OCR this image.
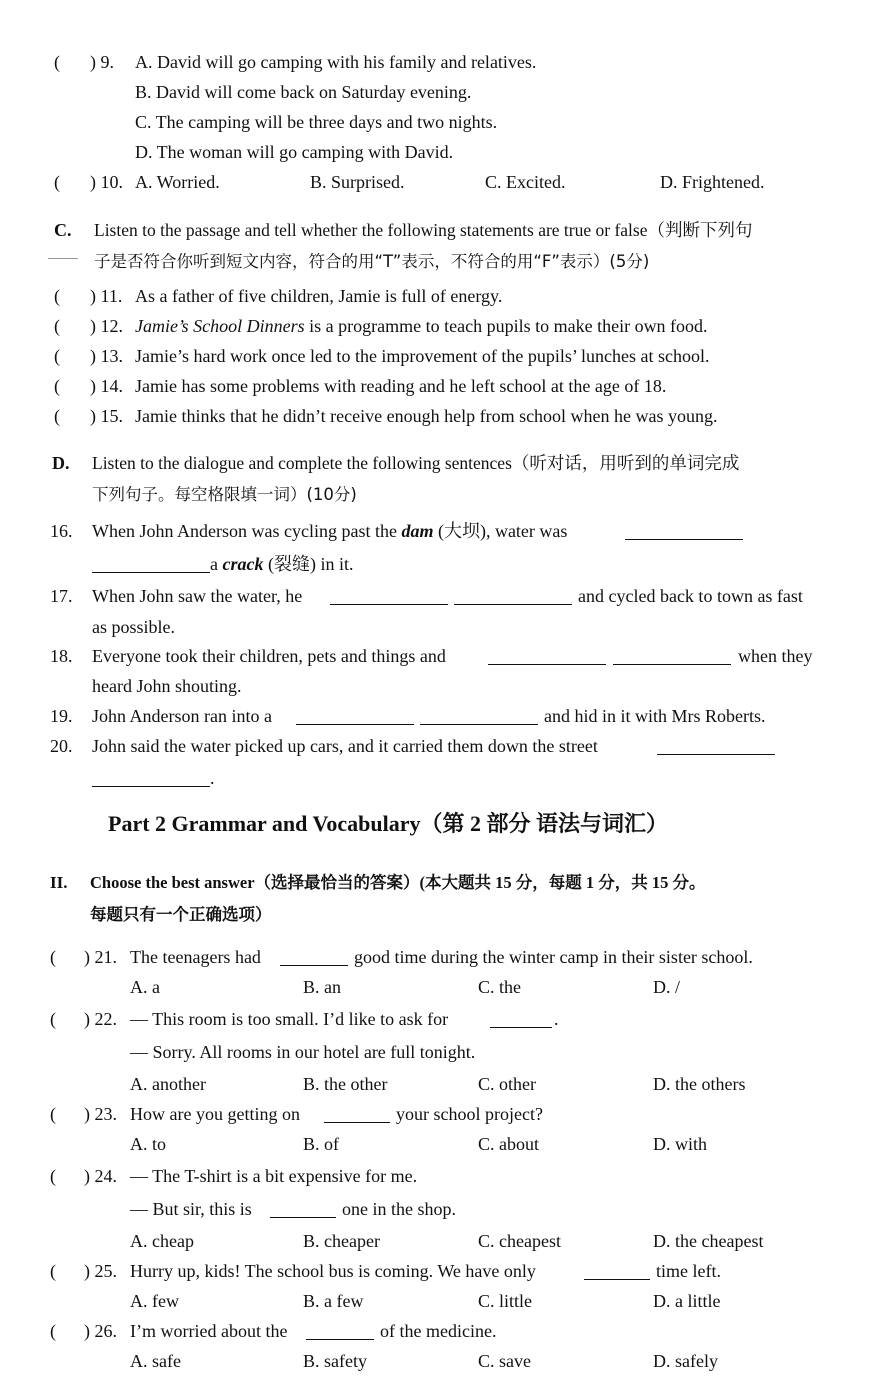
( ) 9. A. David will go camping with his family and relatives.
B. David will come back on Saturday evening.
C. The camping will be three days and two nights.
D. The woman will go camping with David.
( ) 10. A. Worried.	B. Surprised.	C. Excited.	D. Frightened.
C. Listen to the passage and tell whether the following statements are true or false（判断下列句
子是否符合你听到短文内容，符合的用“T”表示，不符合的用“F”表示）(5分)
( ) 11. As a father of five children, Jamie is full of energy.
( ) 12. Jamie’s School Dinners is a programme to teach pupils to make their own food.
( ) 13. Jamie’s hard work once led to the improvement of the pupils’ lunches at school.
( ) 14. Jamie has some problems with reading and he left school at the age of 18.
( ) 15. Jamie thinks that he didn’t receive enough help from school when he was young.
D. Listen to the dialogue and complete the following sentences（听对话，用听到的单词完成
下列句子。每空格限填一词）(10分)
16. When John Anderson was cycling past the dam (大坝), water was
a crack (裂缝) in it.
17. When John saw the water, he	and cycled back to town as fast
as possible.
18. Everyone took their children, pets and things and	when they
heard John shouting.
19. John Anderson ran into a	and hid in it with Mrs Roberts.
20. John said the water picked up cars, and it carried them down the street
.
Part 2 Grammar and Vocabulary（第 2 部分 语法与词汇）
II. Choose the best answer（选择最恰当的答案）(本大题共 15 分，每题 1 分，共 15 分。
每题只有一个正确选项）
( ) 21. The teenagers had	good time during the winter camp in their sister school.
A. a	B. an	C. the	D. /
( ) 22. — This room is too small. I’d like to ask for	.
— Sorry. All rooms in our hotel are full tonight.
A. another	B. the other	C. other	D. the others
( ) 23. How are you getting on	your school project?
A. to	B. of	C. about	D. with
( ) 24. — The T-shirt is a bit expensive for me.
— But sir, this is	one in the shop.
A. cheap	B. cheaper	C. cheapest	D. the cheapest
( ) 25. Hurry up, kids! The school bus is coming. We have only	time left.
A. few	B. a few	C. little	D. a little
( ) 26. I’m worried about the	of the medicine.
A. safe	B. safety	C. save	D. safely
